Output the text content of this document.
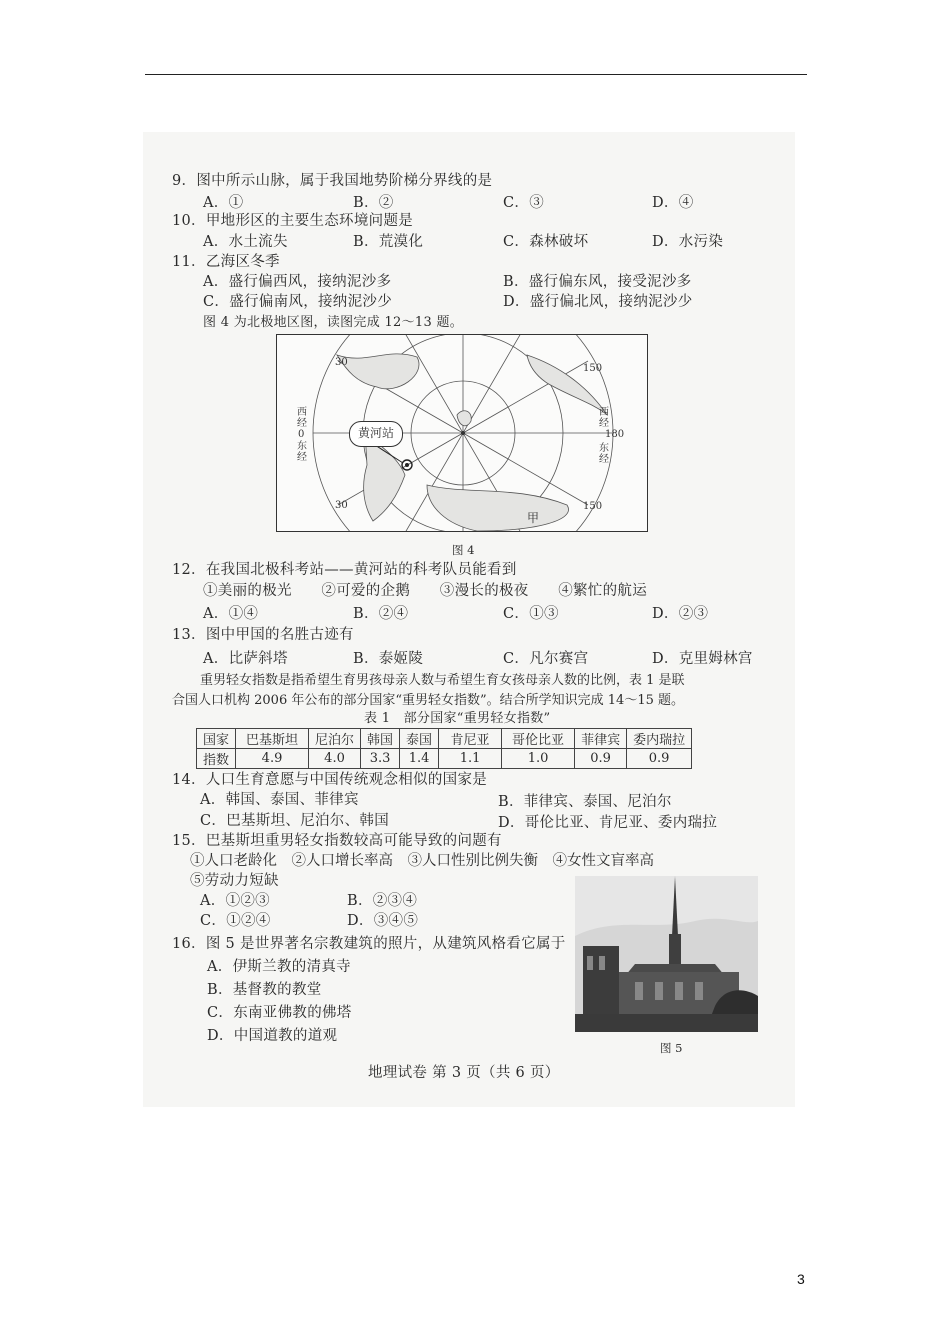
9．图中所示山脉，属于我国地势阶梯分界线的是
A．①	B．②	C．③	D．④
10．甲地形区的主要生态环境问题是
A．水土流失	B．荒漠化	C．森林破坏	D．水污染
11．乙海区冬季
A．盛行偏西风，接纳泥沙多	B．盛行偏东风，接受泥沙多
C．盛行偏南风，接纳泥沙少	D．盛行偏北风，接纳泥沙少
图 4 为北极地区图，读图完成 12～13 题。
30
30
150
150
180
西经
0
东经
西经
东经
黄河站
甲
图 4
12．在我国北极科考站——黄河站的科考队员能看到
①美丽的极光　　②可爱的企鹅　　③漫长的极夜　　④繁忙的航运
A．①④	B．②④	C．①③	D．②③
13．图中甲国的名胜古迹有
A．比萨斜塔	B．泰姬陵	C．凡尔赛宫	D．克里姆林宫
重男轻女指数是指希望生育男孩母亲人数与希望生育女孩母亲人数的比例，表 1 是联
合国人口机构 2006 年公布的部分国家“重男轻女指数”。结合所学知识完成 14～15 题。
表 1　部分国家“重男轻女指数”
国家	巴基斯坦	尼泊尔	韩国	泰国	肯尼亚	哥伦比亚	菲律宾	委内瑞拉
指数	4.9	4.0	3.3	1.4	1.1	1.0	0.9	0.9
14．人口生育意愿与中国传统观念相似的国家是
A．韩国、泰国、菲律宾	B．菲律宾、泰国、尼泊尔
C．巴基斯坦、尼泊尔、韩国	D．哥伦比亚、肯尼亚、委内瑞拉
15．巴基斯坦重男轻女指数较高可能导致的问题有
①人口老龄化　②人口增长率高　③人口性别比例失衡　④女性文盲率高
⑤劳动力短缺
A．①②③	B．②③④
C．①②④	D．③④⑤
16．图 5 是世界著名宗教建筑的照片，从建筑风格看它属于
A．伊斯兰教的清真寺
B．基督教的教堂
C．东南亚佛教的佛塔
D．中国道教的道观
图 5
地理试卷 第 3 页（共 6 页）
3
